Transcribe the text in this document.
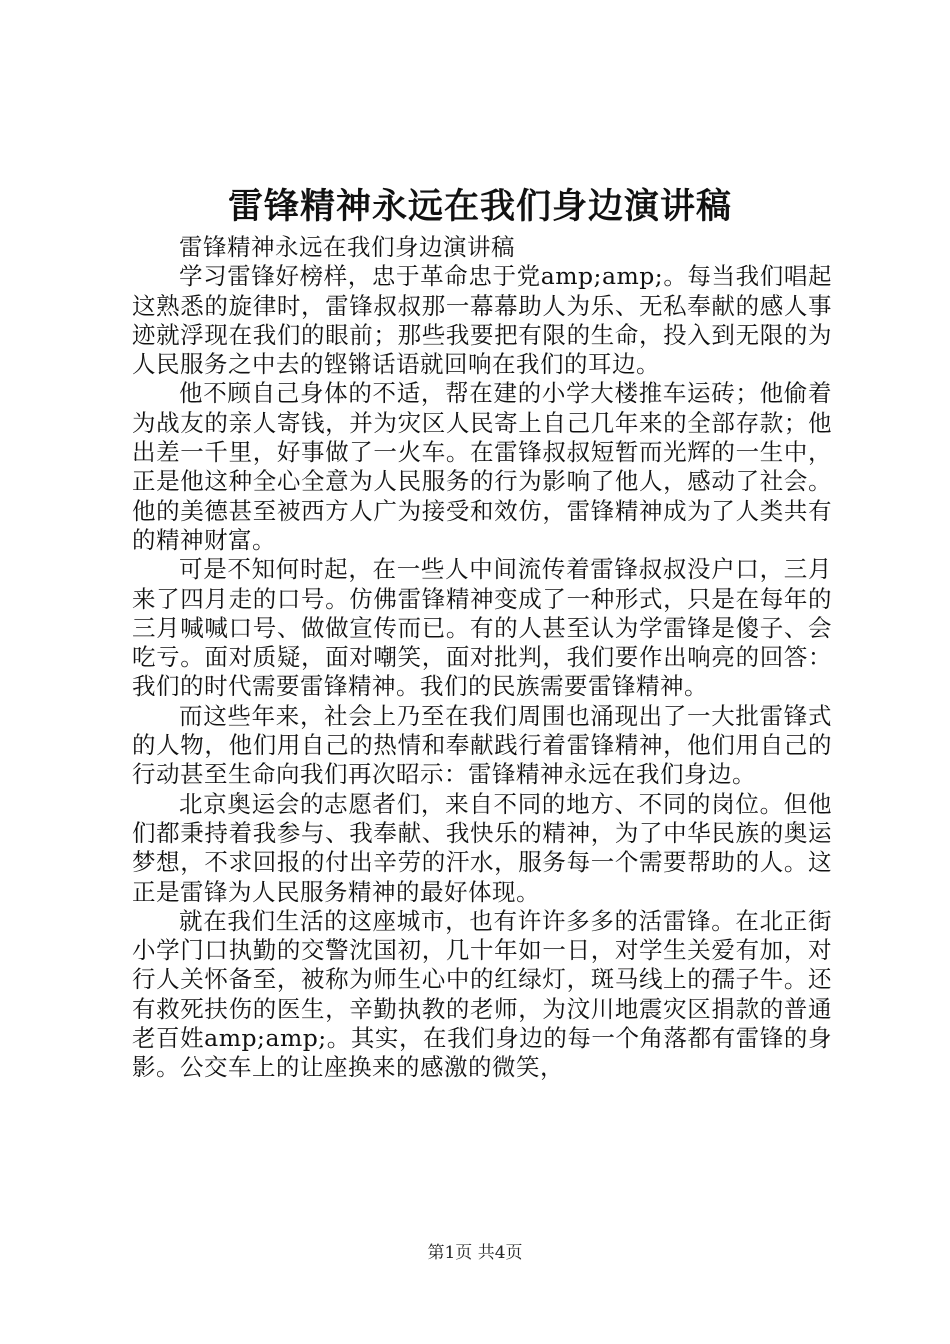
雷锋精神永远在我们身边演讲稿

雷锋精神永远在我们身边演讲稿

学习雷锋好榜样，忠于革命忠于党amp;amp;。每当我们唱起这熟悉的旋律时，雷锋叔叔那一幕幕助人为乐、无私奉献的感人事迹就浮现在我们的眼前；那些我要把有限的生命，投入到无限的为人民服务之中去的铿锵话语就回响在我们的耳边。

他不顾自己身体的不适，帮在建的小学大楼推车运砖；他偷着为战友的亲人寄钱，并为灾区人民寄上自己几年来的全部存款；他出差一千里，好事做了一火车。在雷锋叔叔短暂而光辉的一生中，正是他这种全心全意为人民服务的行为影响了他人，感动了社会。他的美德甚至被西方人广为接受和效仿，雷锋精神成为了人类共有的精神财富。

可是不知何时起，在一些人中间流传着雷锋叔叔没户口，三月来了四月走的口号。仿佛雷锋精神变成了一种形式，只是在每年的三月喊喊口号、做做宣传而已。有的人甚至认为学雷锋是傻子、会吃亏。面对质疑，面对嘲笑，面对批判，我们要作出响亮的回答：我们的时代需要雷锋精神。我们的民族需要雷锋精神。

而这些年来，社会上乃至在我们周围也涌现出了一大批雷锋式的人物，他们用自己的热情和奉献践行着雷锋精神，他们用自己的行动甚至生命向我们再次昭示：雷锋精神永远在我们身边。

北京奥运会的志愿者们，来自不同的地方、不同的岗位。但他们都秉持着我参与、我奉献、我快乐的精神，为了中华民族的奥运梦想，不求回报的付出辛劳的汗水，服务每一个需要帮助的人。这正是雷锋为人民服务精神的最好体现。

就在我们生活的这座城市，也有许许多多的活雷锋。在北正街小学门口执勤的交警沈国初，几十年如一日，对学生关爱有加，对行人关怀备至，被称为师生心中的红绿灯，斑马线上的孺子牛。还有救死扶伤的医生，辛勤执教的老师，为汶川地震灾区捐款的普通老百姓amp;amp;。其实，在我们身边的每一个角落都有雷锋的身影。公交车上的让座换来的感激的微笑，

第1页 共4页
